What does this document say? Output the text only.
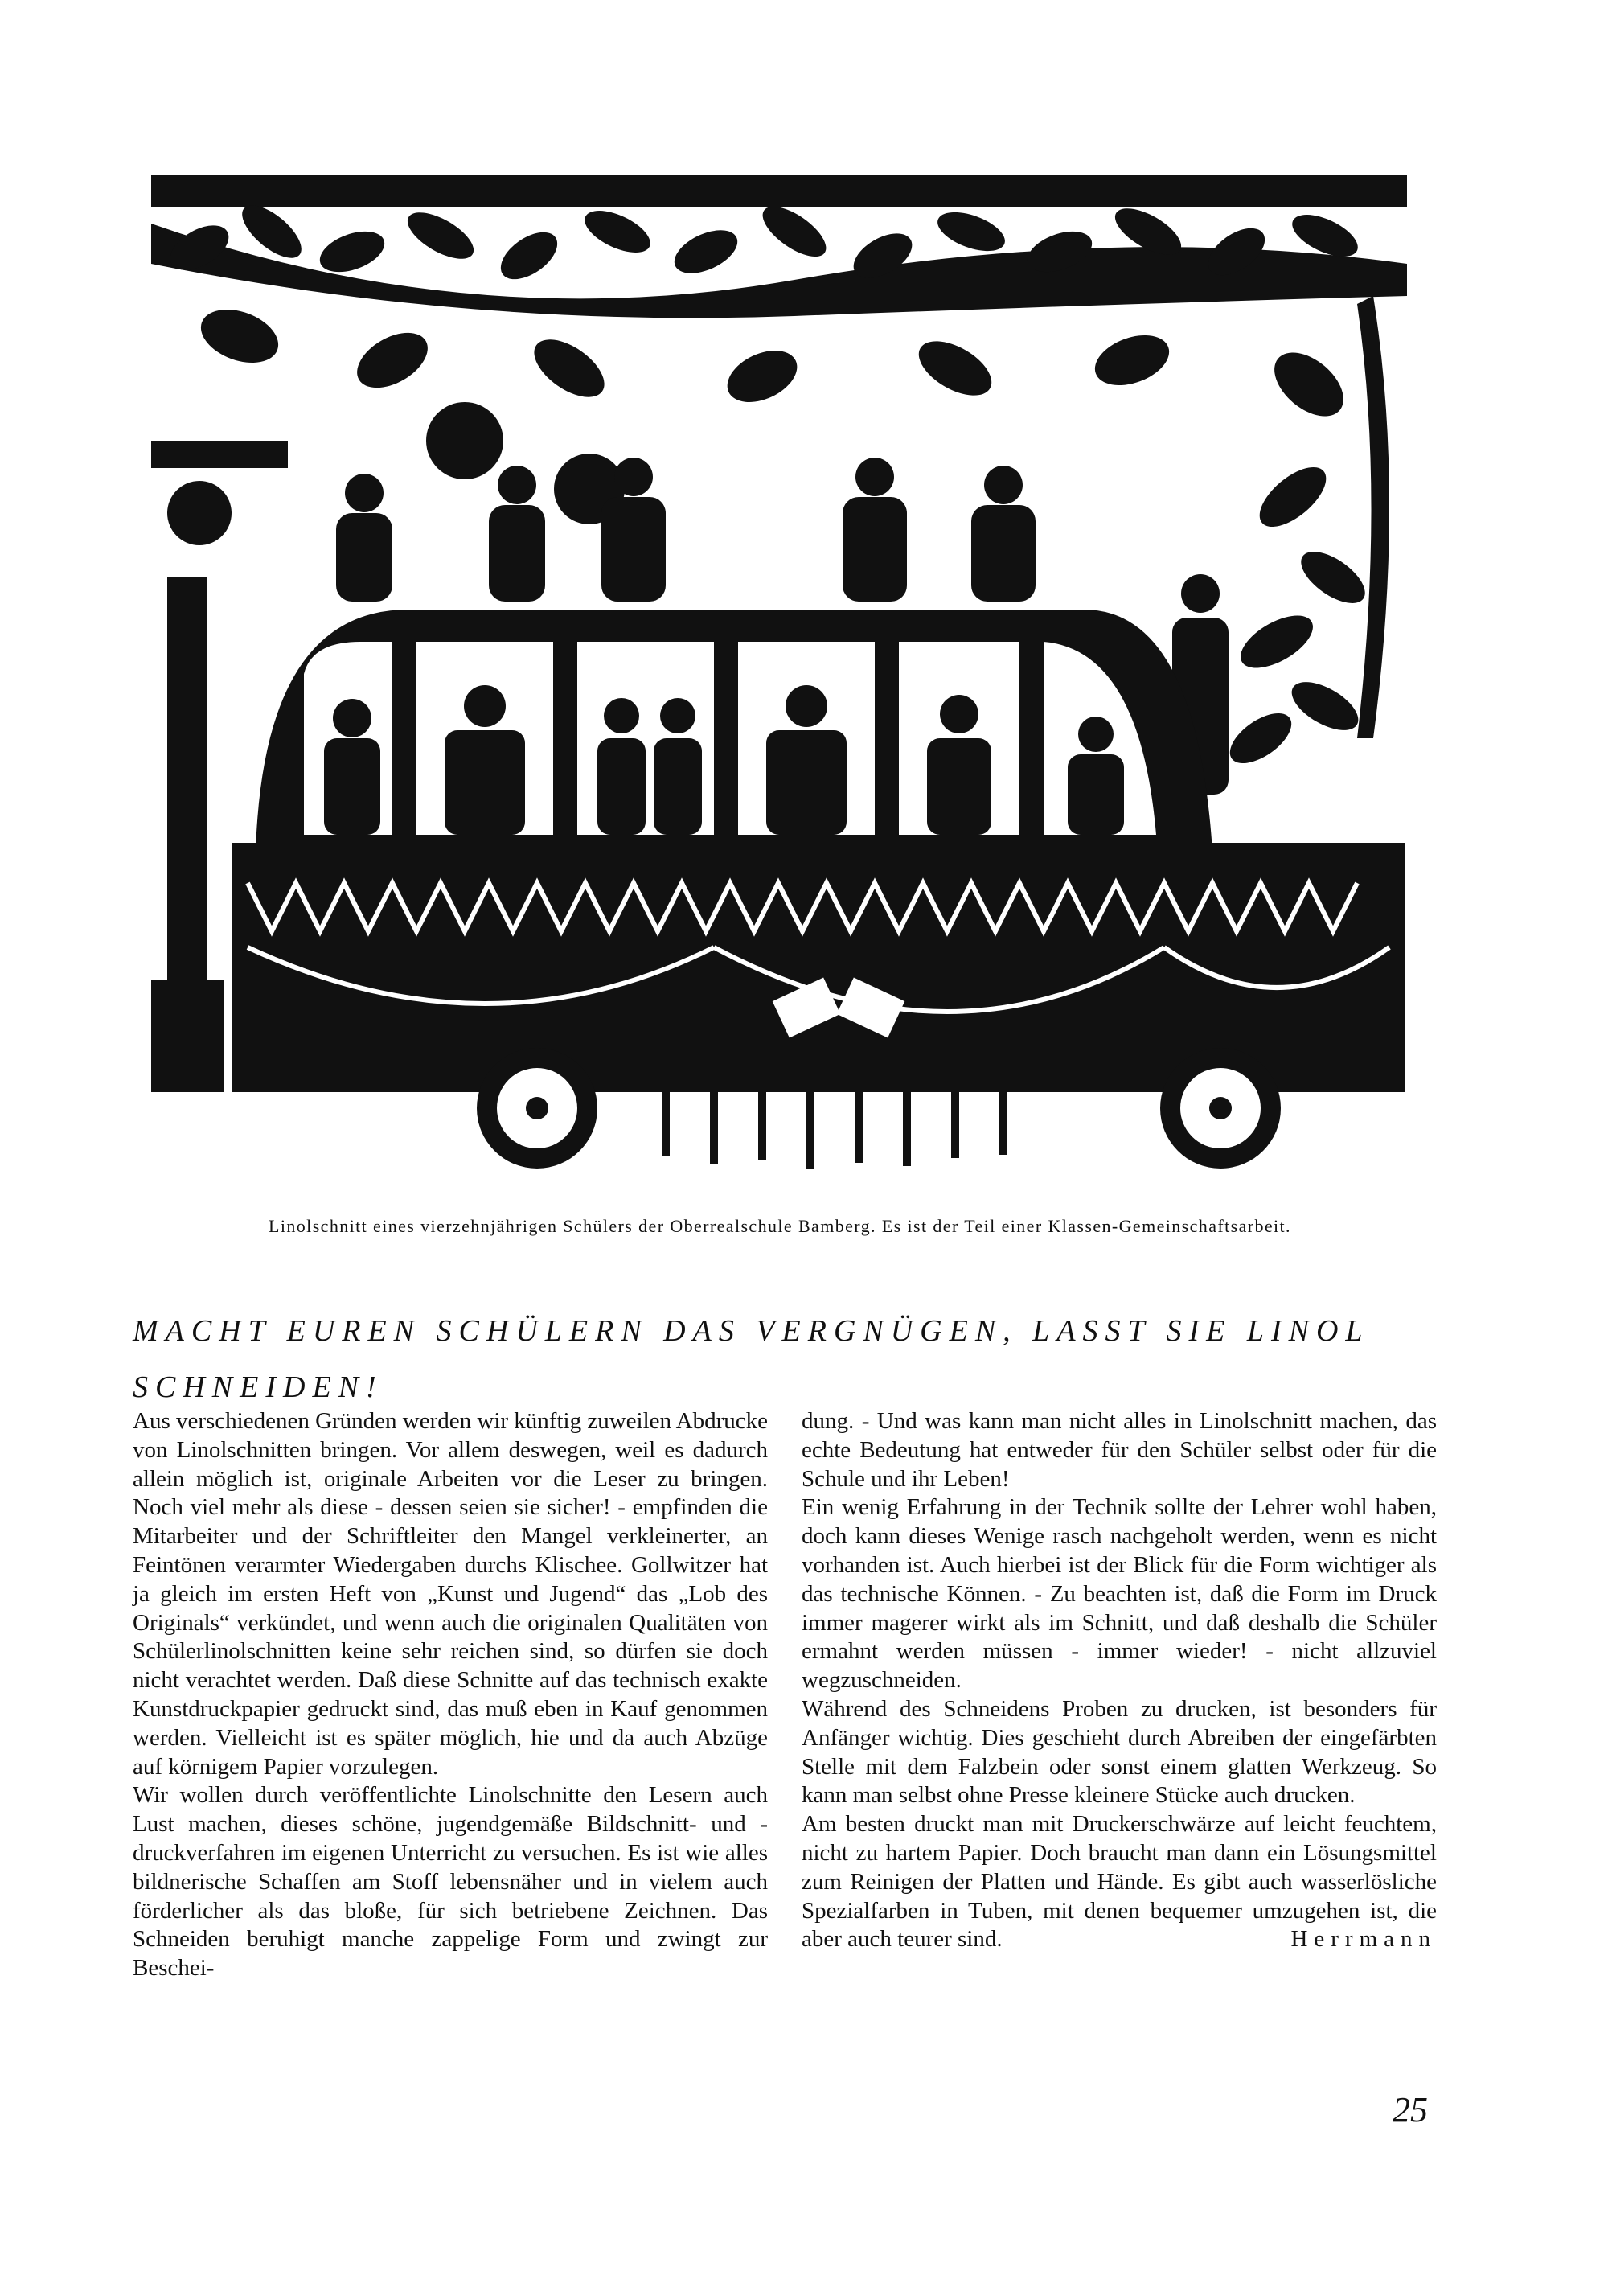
Linolschnitt eines vierzehnjährigen Schülers der Oberrealschule Bamberg. Es ist der Teil einer Klassen-Gemeinschaftsarbeit.
MACHT EUREN SCHÜLERN DAS VERGNÜGEN, LASST SIE LINOL SCHNEIDEN!

Aus verschiedenen Gründen werden wir künftig zuweilen Abdrucke von Linolschnitten bringen. Vor allem deswegen, weil es dadurch allein möglich ist, originale Arbeiten vor die Leser zu bringen. Noch viel mehr als diese - dessen seien sie sicher! - empfinden die Mitarbeiter und der Schriftleiter den Mangel verkleinerter, an Feintönen verarmter Wiedergaben durchs Klischee. Gollwitzer hat ja gleich im ersten Heft von „Kunst und Jugend“ das „Lob des Originals“ verkündet, und wenn auch die originalen Qualitäten von Schülerlinolschnitten keine sehr reichen sind, so dürfen sie doch nicht verachtet werden. Daß diese Schnitte auf das technisch exakte Kunstdruckpapier gedruckt sind, das muß eben in Kauf genommen werden. Vielleicht ist es später möglich, hie und da auch Abzüge auf körnigem Papier vorzulegen.

Wir wollen durch veröffentlichte Linolschnitte den Lesern auch Lust machen, dieses schöne, jugendgemäße Bildschnitt- und -druckverfahren im eigenen Unterricht zu versuchen. Es ist wie alles bildnerische Schaffen am Stoff lebensnäher und in vielem auch förderlicher als das bloße, für sich betriebene Zeichnen. Das Schneiden beruhigt manche zappelige Form und zwingt zur Beschei-

dung. - Und was kann man nicht alles in Linolschnitt machen, das echte Bedeutung hat entweder für den Schüler selbst oder für die Schule und ihr Leben!

Ein wenig Erfahrung in der Technik sollte der Lehrer wohl haben, doch kann dieses Wenige rasch nachgeholt werden, wenn es nicht vorhanden ist. Auch hierbei ist der Blick für die Form wichtiger als das technische Können. - Zu beachten ist, daß die Form im Druck immer magerer wirkt als im Schnitt, und daß deshalb die Schüler ermahnt werden müssen - immer wieder! - nicht allzuviel wegzuschneiden.

Während des Schneidens Proben zu drucken, ist besonders für Anfänger wichtig. Dies geschieht durch Abreiben der eingefärbten Stelle mit dem Falzbein oder sonst einem glatten Werkzeug. So kann man selbst ohne Presse kleinere Stücke auch drucken.

Am besten druckt man mit Druckerschwärze auf leicht feuchtem, nicht zu hartem Papier. Doch braucht man dann ein Lösungsmittel zum Reinigen der Platten und Hände. Es gibt auch wasserlösliche Spezialfarben in Tuben, mit denen bequemer umzugehen ist, die aber auch teurer sind.	Herrmann
25
